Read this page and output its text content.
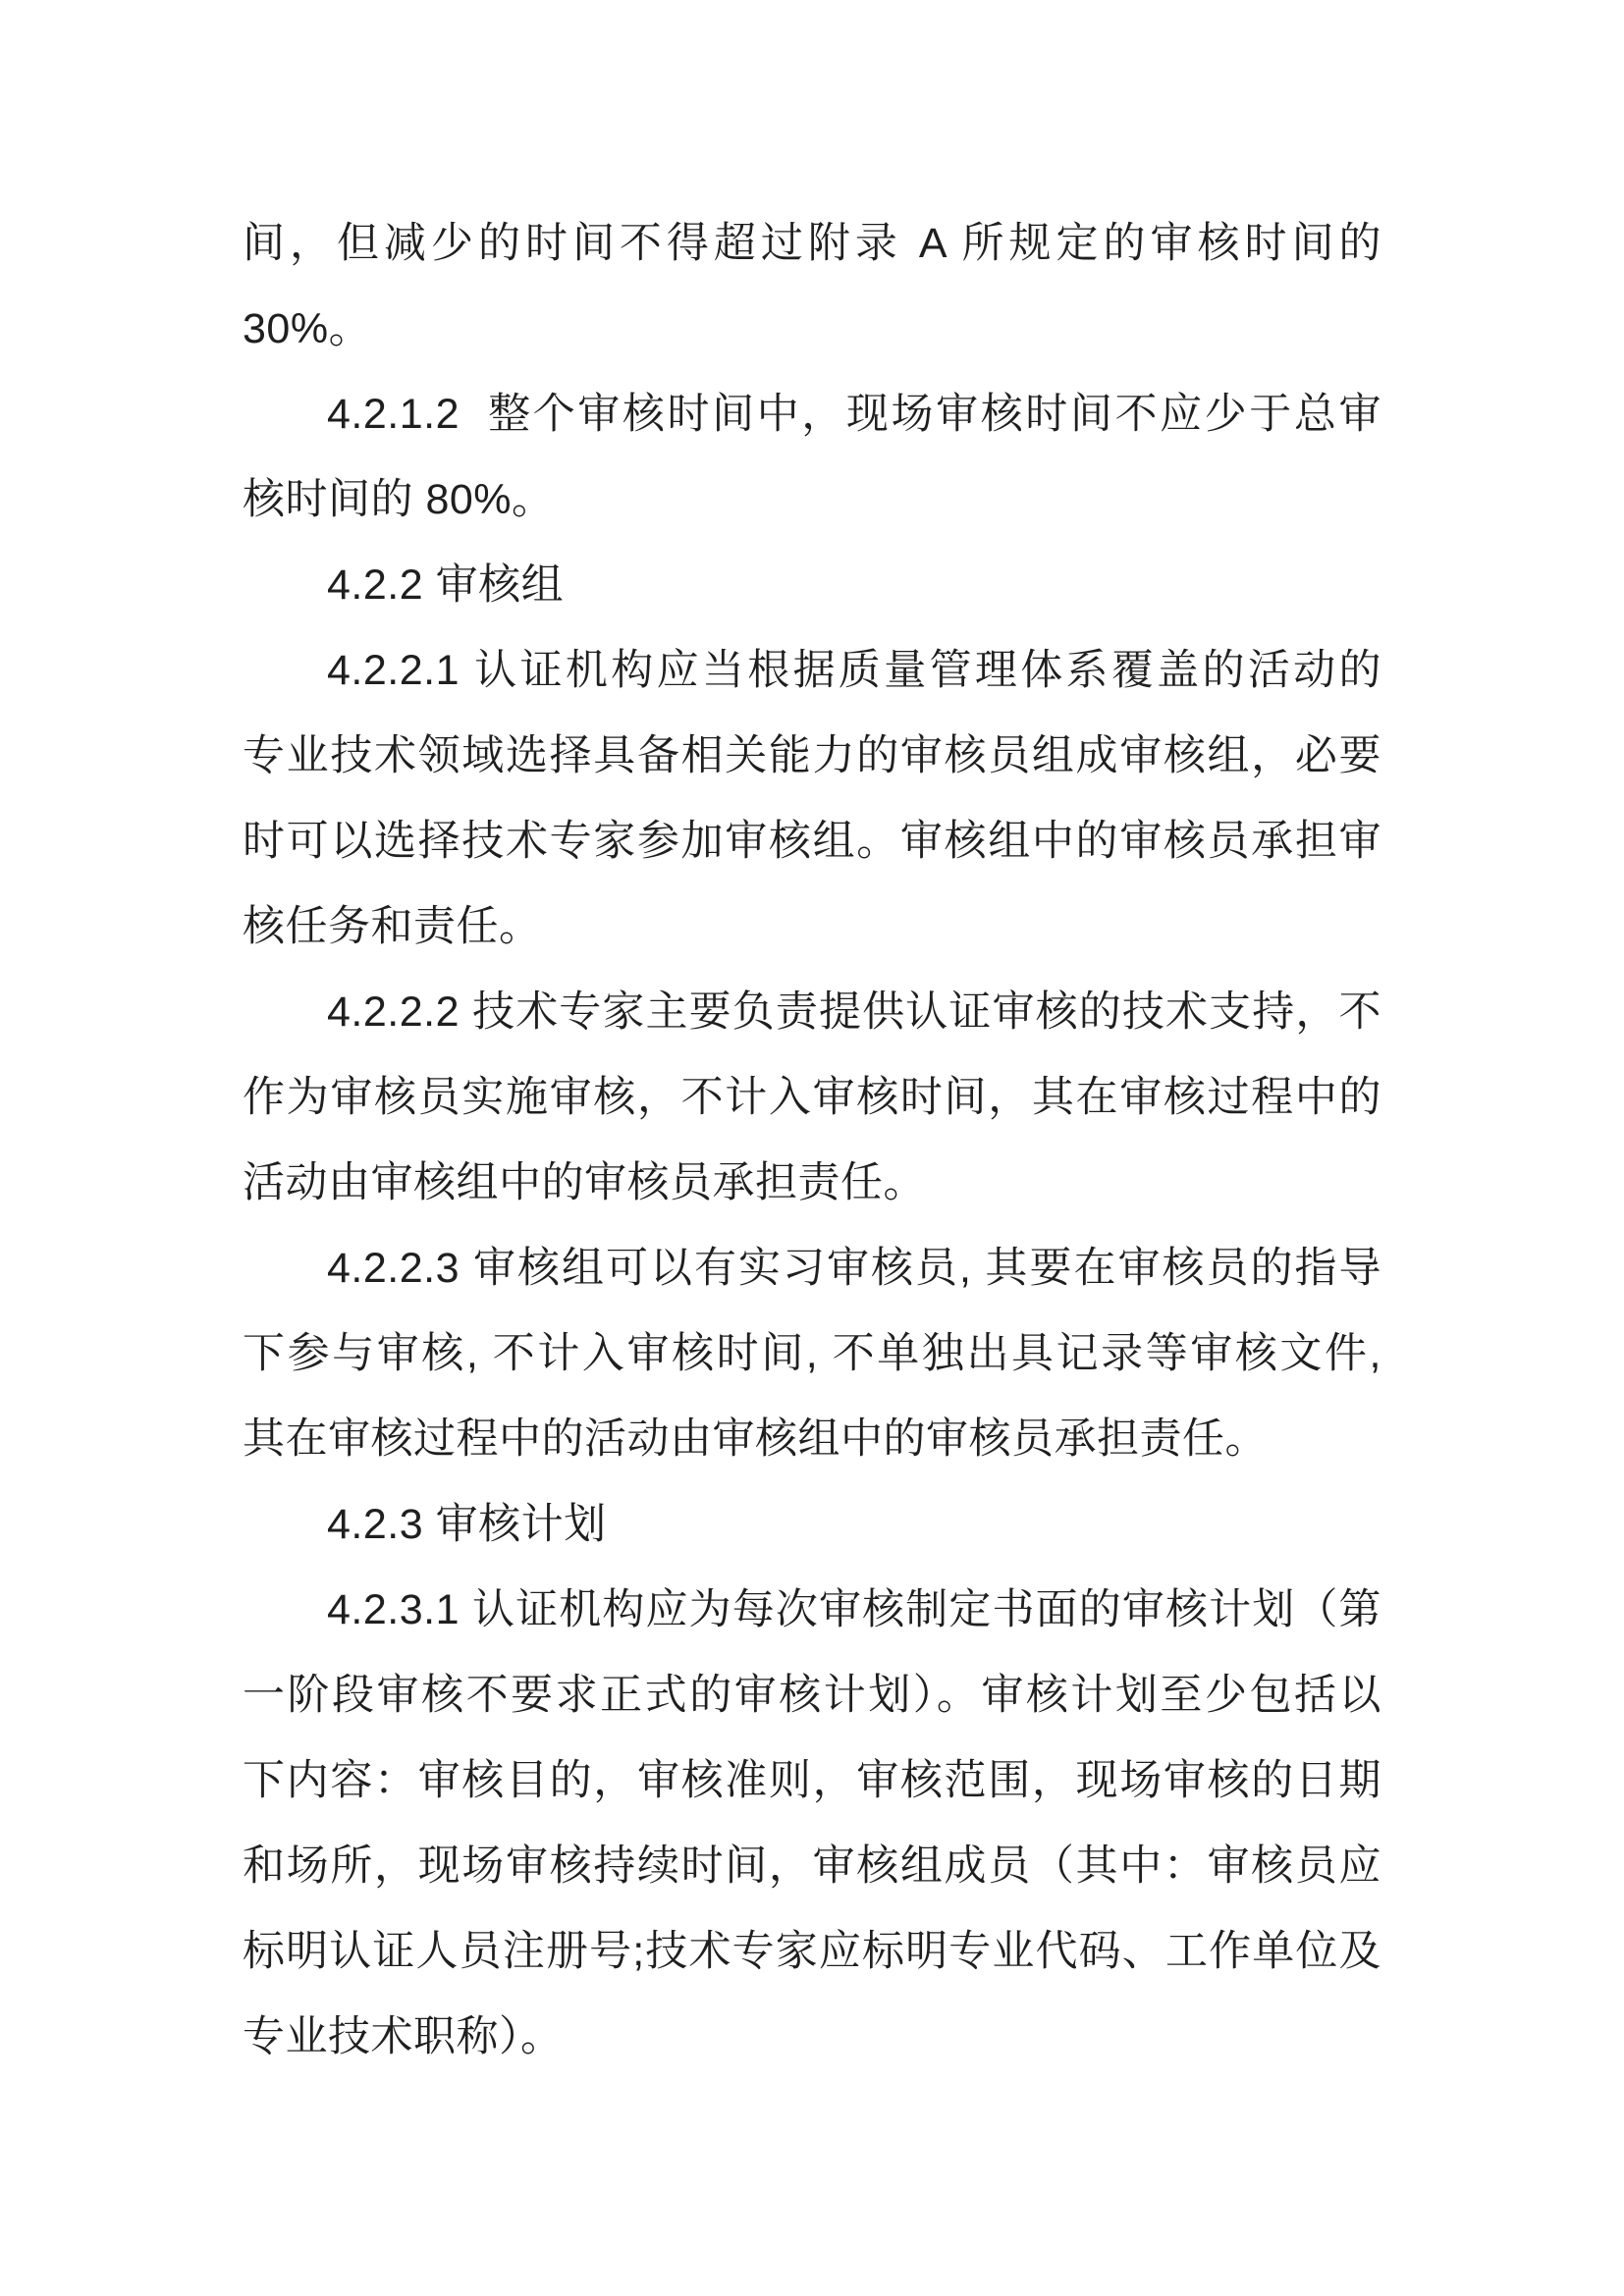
间，但减少的时间不得超过附录 A 所规定的审核时间的
30%。
4.2.1.2  整个审核时间中，现场审核时间不应少于总审
核时间的 80%。
4.2.2 审核组
4.2.2.1 认证机构应当根据质量管理体系覆盖的活动的
专业技术领域选择具备相关能力的审核员组成审核组，必要
时可以选择技术专家参加审核组。审核组中的审核员承担审
核任务和责任。
4.2.2.2 技术专家主要负责提供认证审核的技术支持，不
作为审核员实施审核，不计入审核时间，其在审核过程中的
活动由审核组中的审核员承担责任。
4.2.2.3 审核组可以有实习审核员, 其要在审核员的指导
下参与审核, 不计入审核时间, 不单独出具记录等审核文件,
其在审核过程中的活动由审核组中的审核员承担责任。
4.2.3 审核计划
4.2.3.1 认证机构应为每次审核制定书面的审核计划（第
一阶段审核不要求正式的审核计划）。审核计划至少包括以
下内容：审核目的，审核准则，审核范围，现场审核的日期
和场所，现场审核持续时间，审核组成员（其中：审核员应
标明认证人员注册号;技术专家应标明专业代码、工作单位及
专业技术职称）。
